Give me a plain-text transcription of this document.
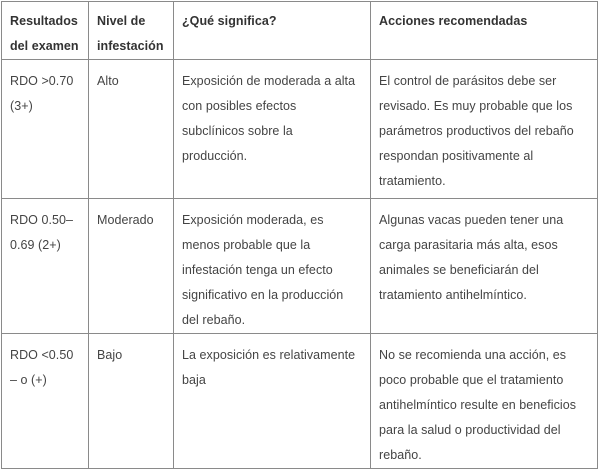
Resultados del examen	Nivel de infestación	¿Qué significa?	Acciones recomendadas
RDO >0.70 (3+)	Alto	Exposición de moderada a alta con posibles efectos subclínicos sobre la producción.	El control de parásitos debe ser revisado. Es muy probable que los parámetros productivos del rebaño respondan positivamente al tratamiento.
RDO 0.50–0.69 (2+)	Moderado	Exposición moderada, es menos probable que la infestación tenga un efecto significativo en la producción del rebaño.	Algunas vacas pueden tener una carga parasitaria más alta, esos animales se beneficiarán del tratamiento antihelmíntico.
RDO <0.50 – o (+)	Bajo	La exposición es relativamente baja	No se recomienda una acción, es poco probable que el tratamiento antihelmíntico resulte en beneficios para la salud o productividad del rebaño.
